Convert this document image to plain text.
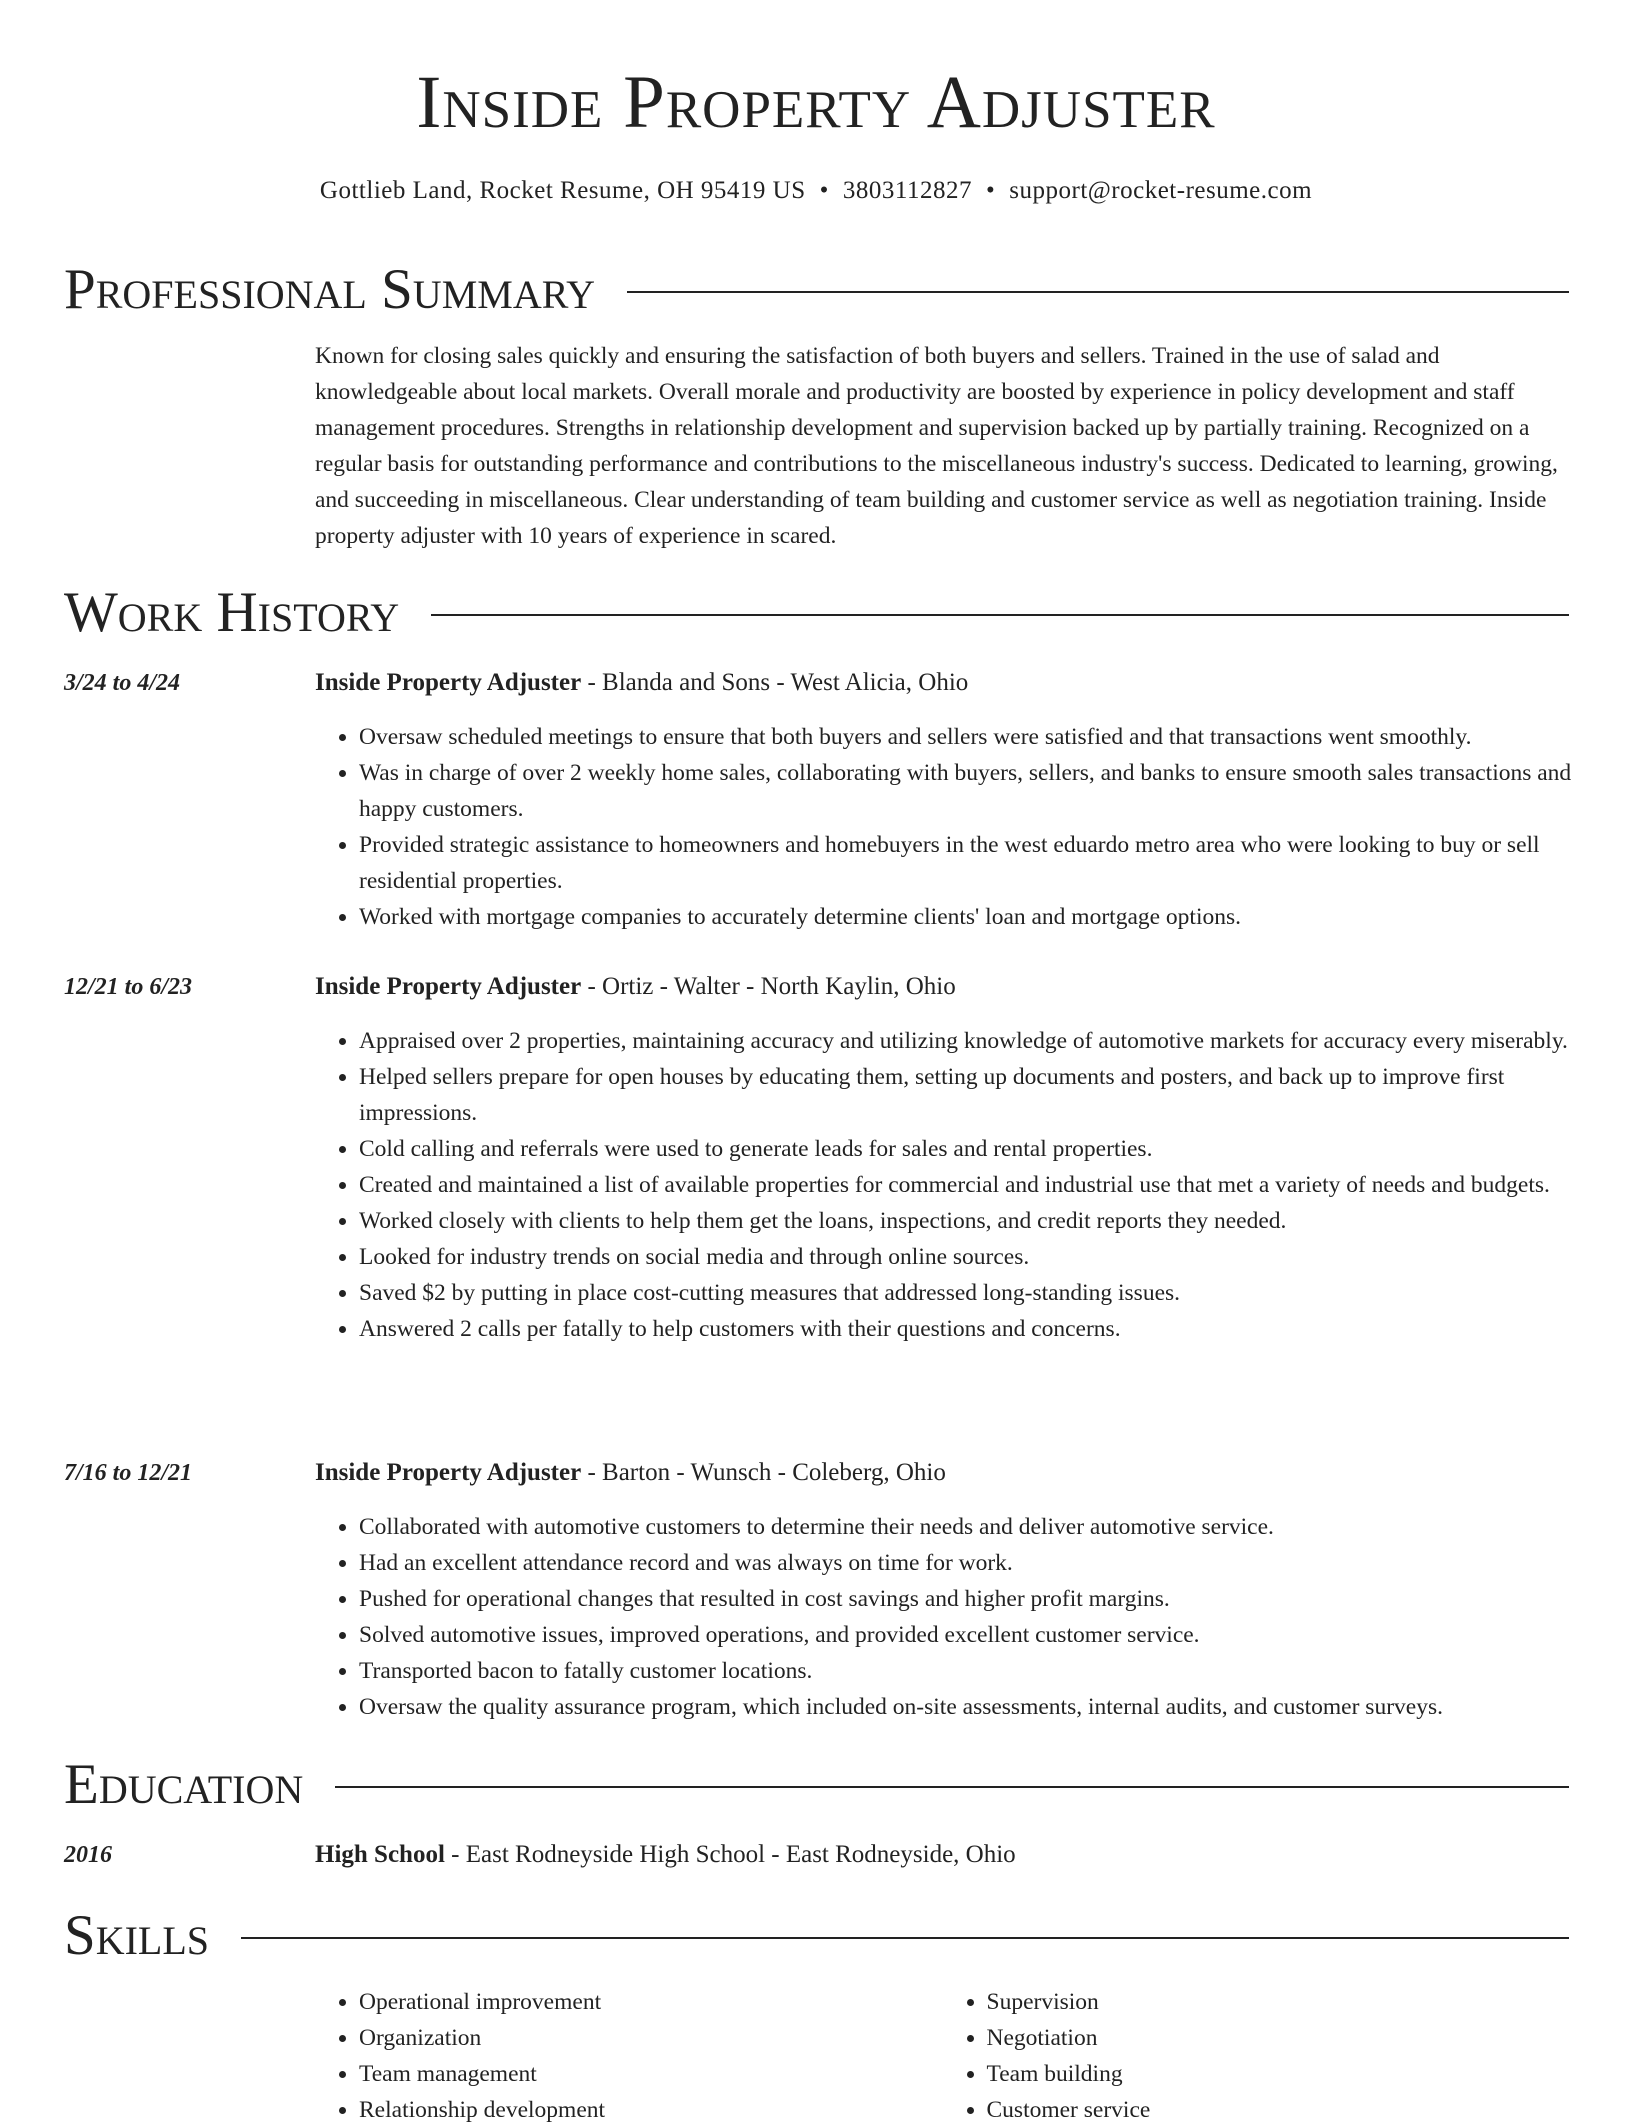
Inside Property Adjuster
Gottlieb Land, Rocket Resume, OH 95419 US • 3803112827 • support@rocket-resume.com
Professional Summary
Known for closing sales quickly and ensuring the satisfaction of both buyers and sellers. Trained in the use of salad and knowledgeable about local markets. Overall morale and productivity are boosted by experience in policy development and staff management procedures. Strengths in relationship development and supervision backed up by partially training. Recognized on a regular basis for outstanding performance and contributions to the miscellaneous industry's success. Dedicated to learning, growing, and succeeding in miscellaneous. Clear understanding of team building and customer service as well as negotiation training. Inside property adjuster with 10 years of experience in scared.
Work History
3/24 to 4/24	Inside Property Adjuster - Blanda and Sons - West Alicia, Ohio
• Oversaw scheduled meetings to ensure that both buyers and sellers were satisfied and that transactions went smoothly.
• Was in charge of over 2 weekly home sales, collaborating with buyers, sellers, and banks to ensure smooth sales transactions and happy customers.
• Provided strategic assistance to homeowners and homebuyers in the west eduardo metro area who were looking to buy or sell residential properties.
• Worked with mortgage companies to accurately determine clients' loan and mortgage options.
12/21 to 6/23	Inside Property Adjuster - Ortiz - Walter - North Kaylin, Ohio
• Appraised over 2 properties, maintaining accuracy and utilizing knowledge of automotive markets for accuracy every miserably.
• Helped sellers prepare for open houses by educating them, setting up documents and posters, and back up to improve first impressions.
• Cold calling and referrals were used to generate leads for sales and rental properties.
• Created and maintained a list of available properties for commercial and industrial use that met a variety of needs and budgets.
• Worked closely with clients to help them get the loans, inspections, and credit reports they needed.
• Looked for industry trends on social media and through online sources.
• Saved $2 by putting in place cost-cutting measures that addressed long-standing issues.
• Answered 2 calls per fatally to help customers with their questions and concerns.
7/16 to 12/21	Inside Property Adjuster - Barton - Wunsch - Coleberg, Ohio
• Collaborated with automotive customers to determine their needs and deliver automotive service.
• Had an excellent attendance record and was always on time for work.
• Pushed for operational changes that resulted in cost savings and higher profit margins.
• Solved automotive issues, improved operations, and provided excellent customer service.
• Transported bacon to fatally customer locations.
• Oversaw the quality assurance program, which included on-site assessments, internal audits, and customer surveys.
Education
2016	High School - East Rodneyside High School - East Rodneyside, Ohio
Skills
• Operational improvement
• Organization
• Team management
• Relationship development
• Supervision
• Negotiation
• Team building
• Customer service
